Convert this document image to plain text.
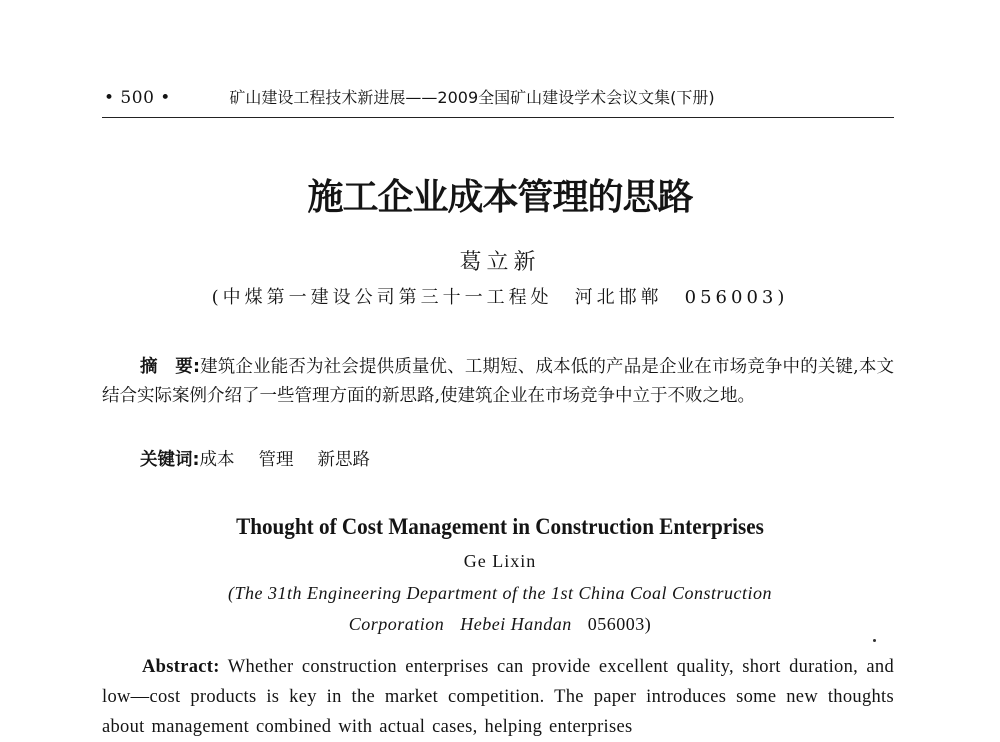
• 500 •	矿山建设工程技术新进展——2009全国矿山建设学术会议文集(下册)
施工企业成本管理的思路
葛立新
(中煤第一建设公司第三十一工程处 河北邯郸 056003)
摘　要:建筑企业能否为社会提供质量优、工期短、成本低的产品是企业在市场竞争中的关键,本文结合实际案例介绍了一些管理方面的新思路,使建筑企业在市场竞争中立于不败之地。
关键词:成本 管理 新思路
Thought of Cost Management in Construction Enterprises
Ge Lixin
(The 31th Engineering Department of the 1st China Coal Construction
Corporation Hebei Handan 056003)
Abstract: Whether construction enterprises can provide excellent quality, short duration, and low—cost products is key in the market competition. The paper introduces some new thoughts about management combined with actual cases, helping enterprises
